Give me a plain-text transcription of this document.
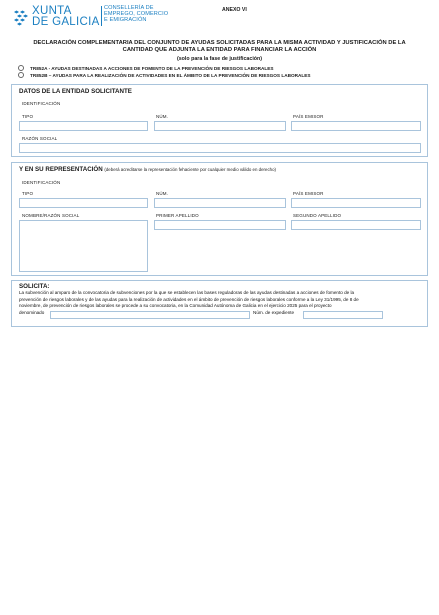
XUNTA
DE GALICIA
CONSELLERÍA DE
EMPREGO, COMERCIO
E EMIGRACIÓN
ANEXO VI
DECLARACIÓN COMPLEMENTARIA DEL CONJUNTO DE AYUDAS SOLICITADAS PARA LA MISMA ACTIVIDAD Y JUSTIFICACIÓN DE LA
CANTIDAD QUE ADJUNTA LA ENTIDAD PARA FINANCIAR LA ACCIÓN
(solo para la fase de justificación)
TR852A - AYUDAS DESTINADAS A ACCIONES DE FOMENTO DE LA PREVENCIÓN DE RIESGOS LABORALES
TR852B – AYUDAS PARA LA REALIZACIÓN DE ACTIVIDADES EN EL ÁMBITO DE LA PREVENCIÓN DE RIESGOS LABORALES
DATOS DE LA ENTIDAD SOLICITANTE
IDENTIFICACIÓN
TIPO	NÚM.	PAÍS EMISOR
RAZÓN SOCIAL
Y EN SU REPRESENTACIÓN (deberá acreditarse la representación fehaciente por cualquier medio válido en derecho)
IDENTIFICACIÓN
TIPO	NÚM.	PAÍS EMISOR
NOMBRE/RAZÓN SOCIAL	PRIMER APELLIDO	SEGUNDO APELLIDO
SOLICITA:
La subvención al amparo de la convocatoria de subvenciones por la que se establecen las bases reguladoras de las ayudas destinadas a acciones de fomento de la
prevención de riesgos laborales y de las ayudas para la realización de actividades en el ámbito de prevención de riesgos laborales conforme a la Ley 31/1995, de 8 de
noviembre, de prevención de riesgos laborales se procede a su convocatoria, en la Comunidad Autónoma de Galicia en el ejercicio 2025 para el proyecto
denominado	Núm. de expediente
